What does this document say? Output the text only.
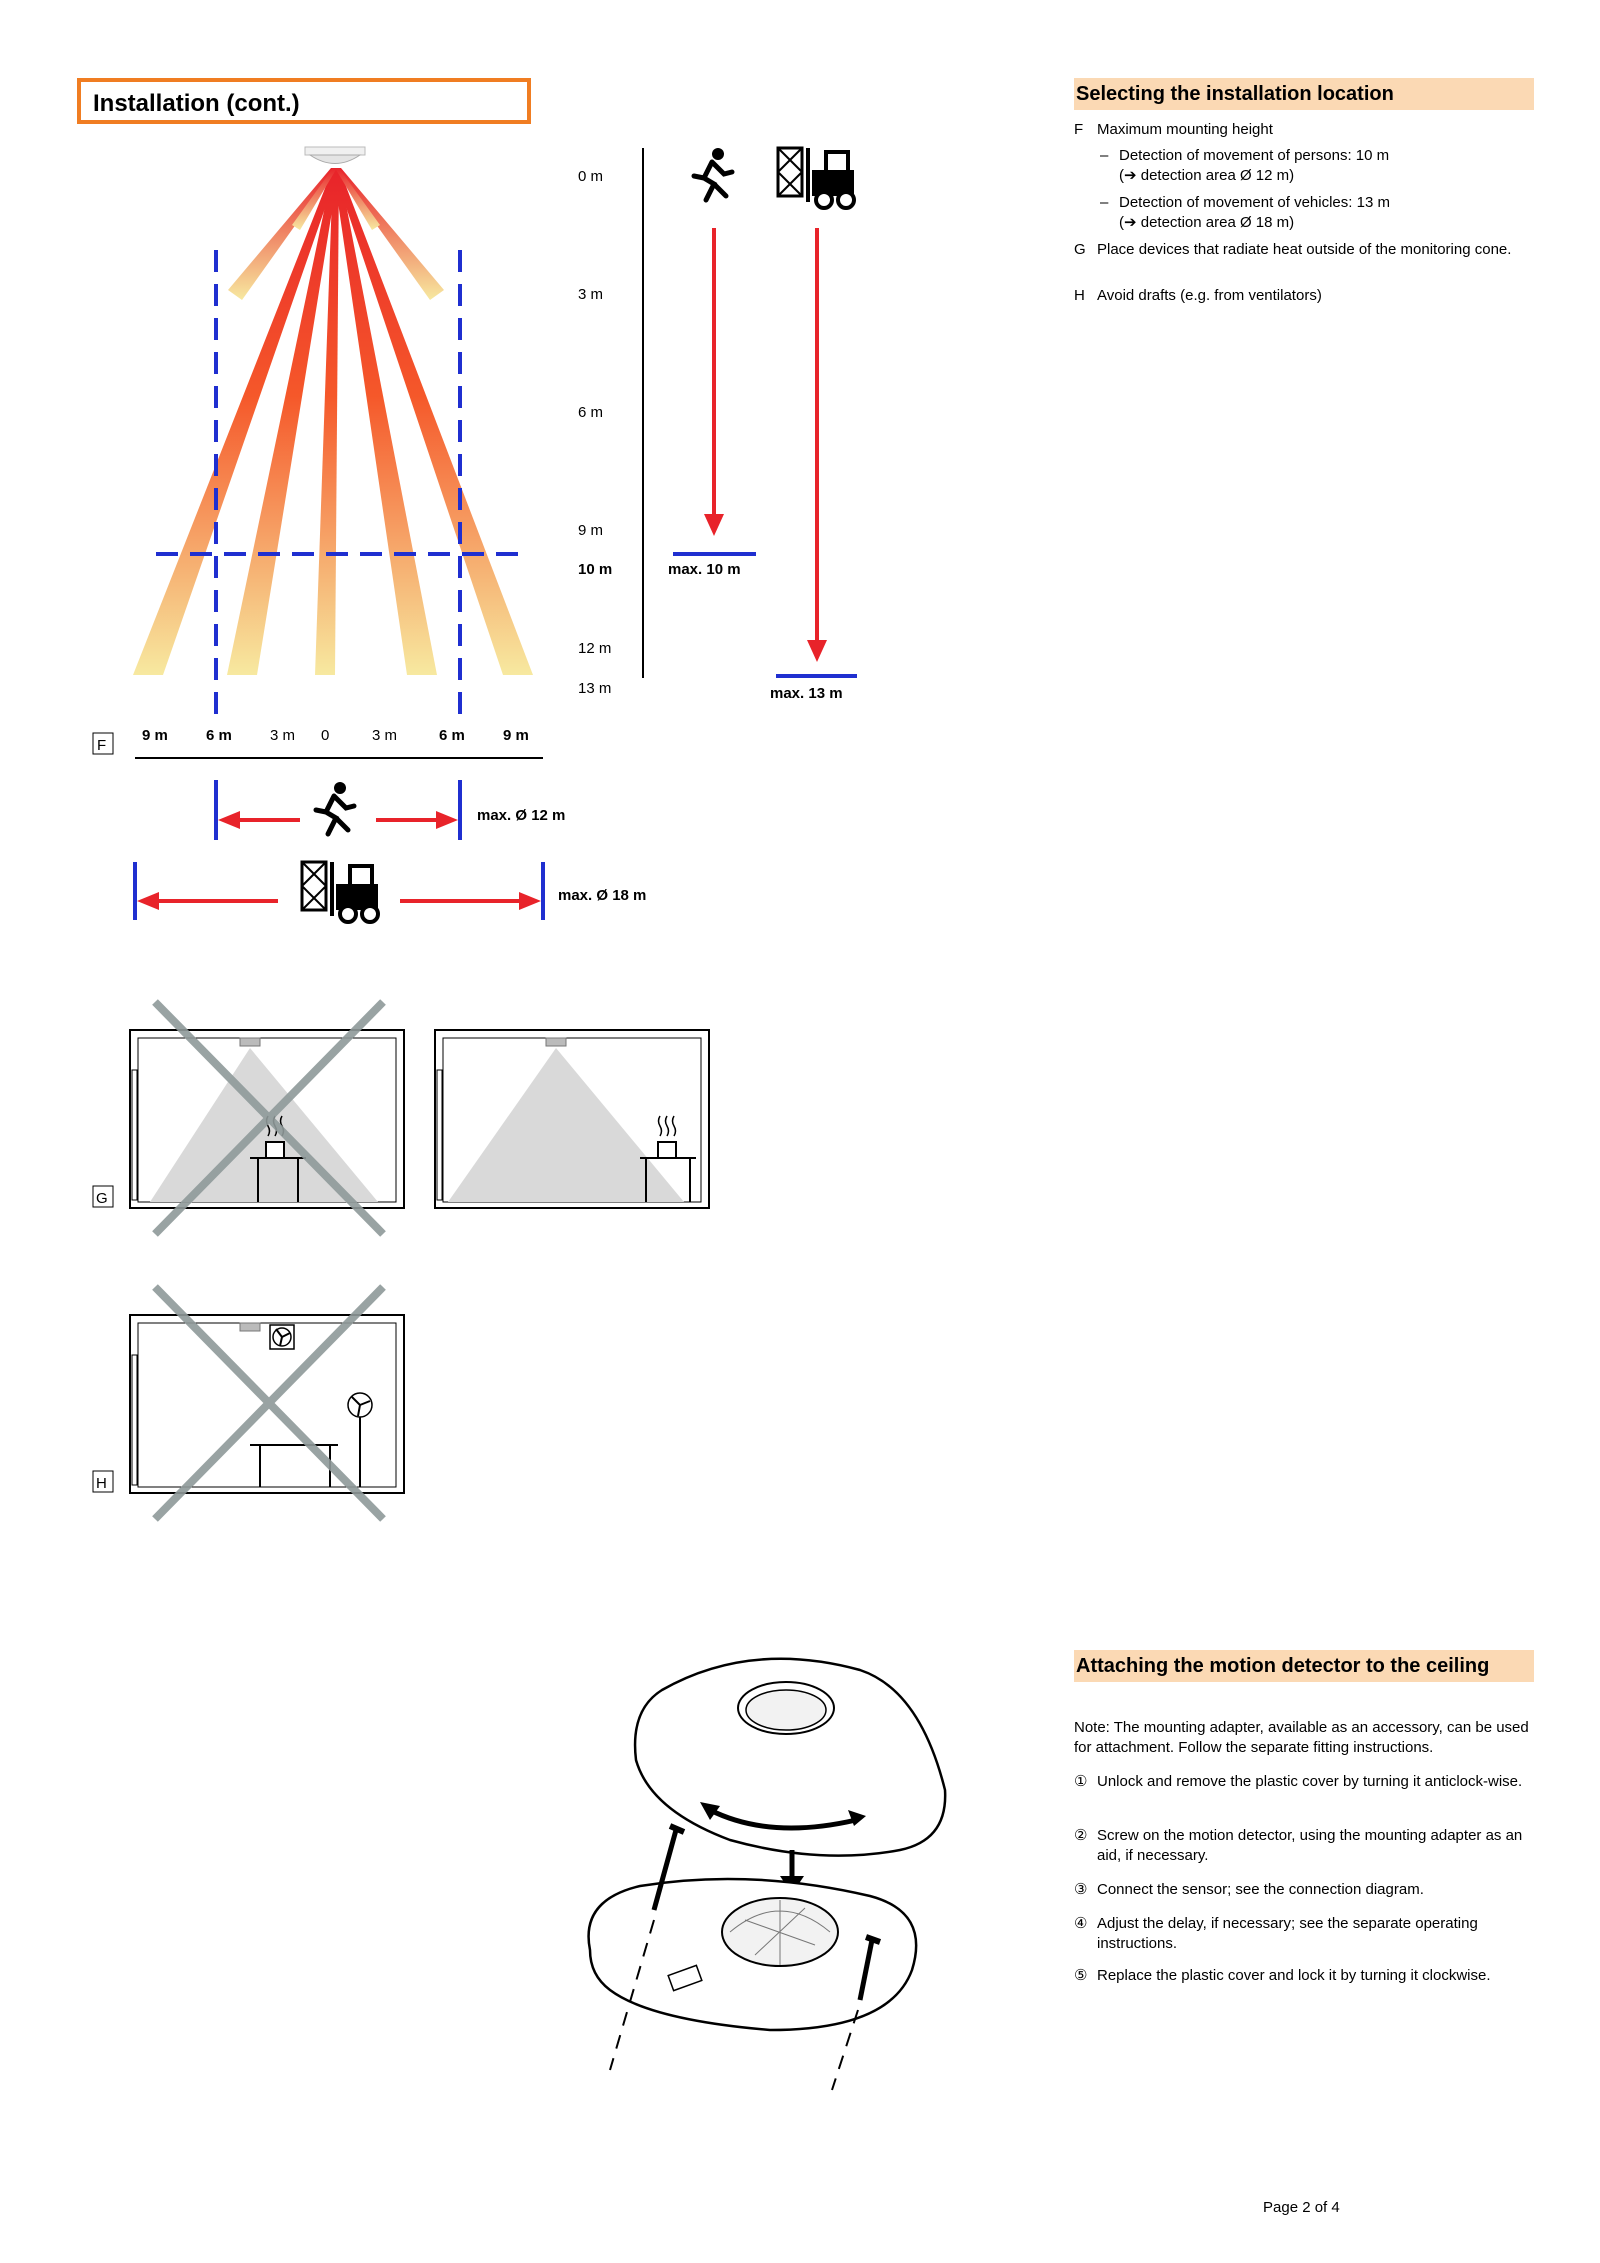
Installation (cont.)
0 m
3 m
6 m
9 m
10 m
12 m
13 m
max. 10 m
max. 13 m
F
9 m	6 m	3 m 0	3 m	6 m	9 m
max. Ø 12 m
max. Ø 18 m
G
H
Selecting the installation location
F Maximum mounting height
– Detection of movement of persons: 10 m
(➔ detection area Ø 12 m)
– Detection of movement of vehicles: 13 m
(➔ detection area Ø 18 m)
G Place devices that radiate heat outside of the monitoring cone.
H Avoid drafts (e.g. from ventilators)
Attaching the motion detector to the ceiling
Note: The mounting adapter, available as an accessory, can be used for attachment. Follow the separate fitting instructions.
① Unlock and remove the plastic cover by turning it anticlock-wise.
② Screw on the motion detector, using the mounting adapter as an aid, if necessary.
③ Connect the sensor; see the connection diagram.
④ Adjust the delay, if necessary; see the separate operating instructions.
⑤ Replace the plastic cover and lock it by turning it clockwise.
Page 2 of 4
